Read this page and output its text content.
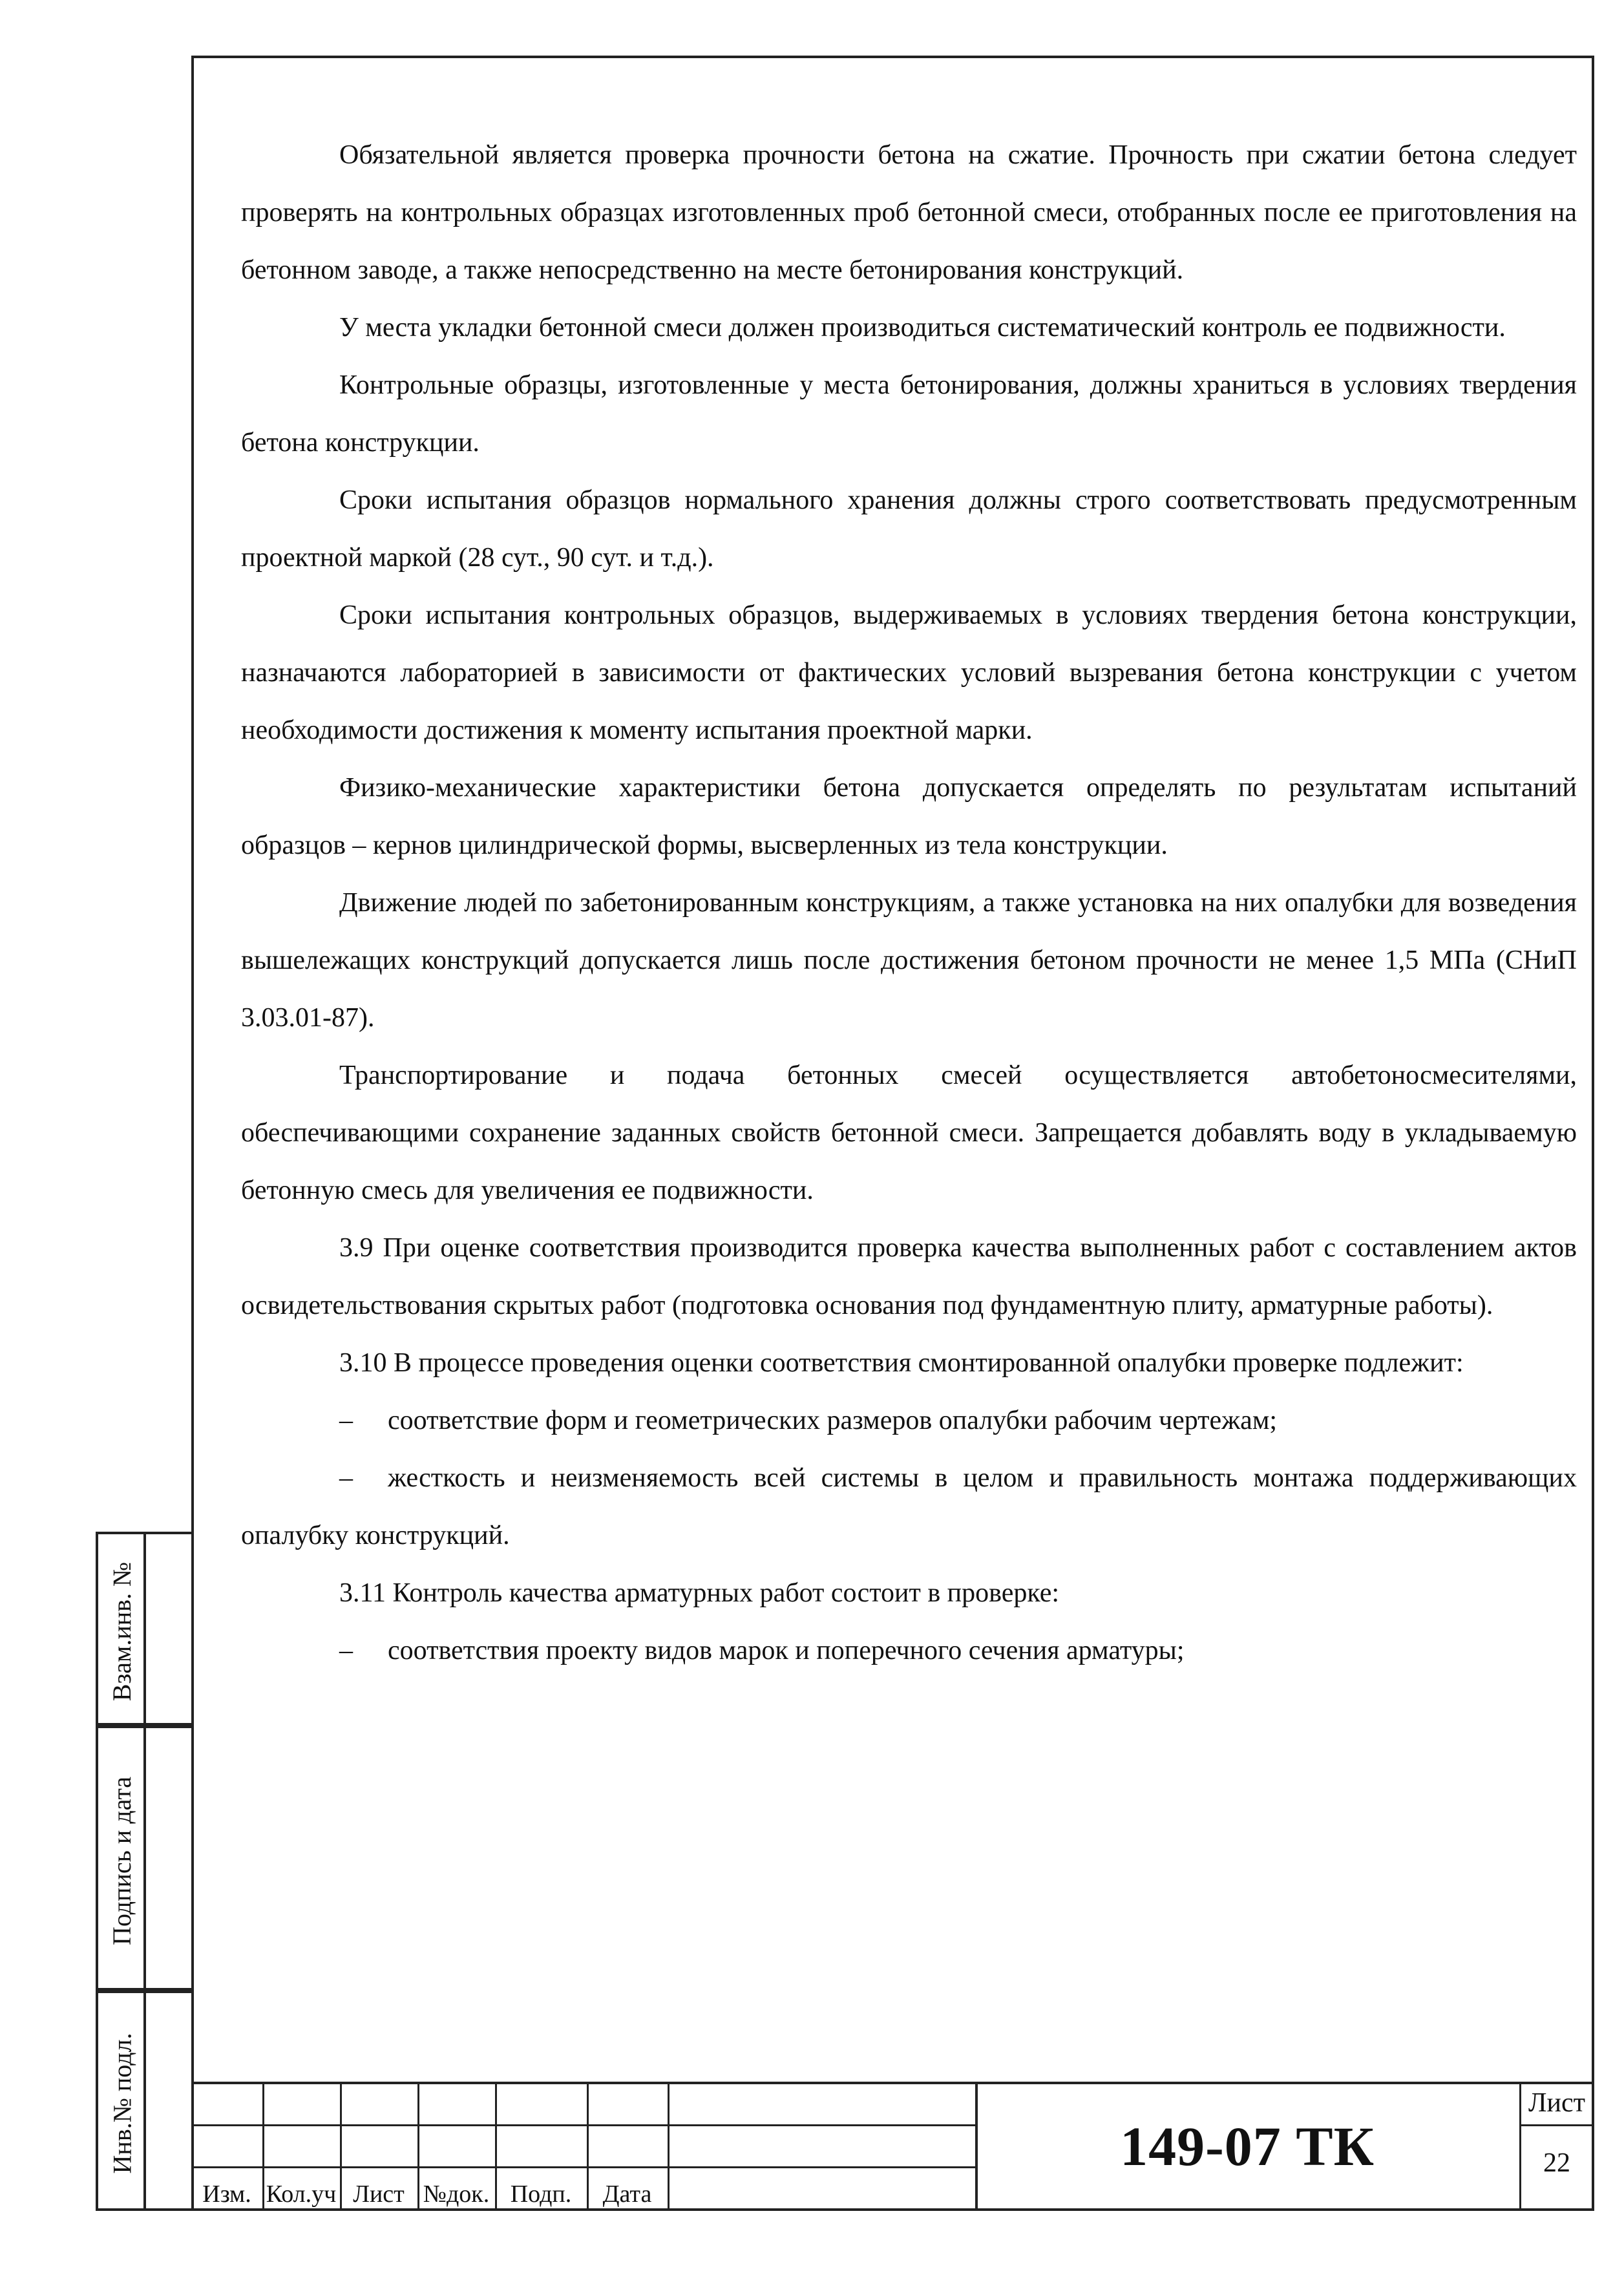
Обязательной является проверка прочности бетона на сжатие. Прочность при сжатии бетона следует проверять на контрольных образцах изготовленных проб бетонной смеси, отобранных после ее приготовления на бетонном заводе, а также непосредственно на месте бетонирования конструкций.

У места укладки бетонной смеси должен производиться систематический контроль ее подвижности.

Контрольные образцы, изготовленные у места бетонирования, должны храниться в условиях твердения бетона конструкции.

Сроки испытания образцов нормального хранения должны строго соответствовать предусмотренным проектной маркой (28 сут., 90 сут. и т.д.).

Сроки испытания контрольных образцов, выдерживаемых в условиях твердения бетона конструкции, назначаются лабораторией в зависимости от фактических условий вызревания бетона конструкции с учетом необходимости достижения к моменту испытания проектной марки.

Физико-механические характеристики бетона допускается определять по результатам испытаний образцов – кернов цилиндрической формы, высверленных из тела конструкции.

Движение людей по забетонированным конструкциям, а также установка на них опалубки для возведения вышележащих конструкций допускается лишь после достижения бетоном прочности не менее 1,5 МПа (СНиП 3.03.01-87).

Транспортирование и подача бетонных смесей осуществляется автобетоносмесителями, обеспечивающими сохранение заданных свойств бетонной смеси. Запрещается добавлять воду в укладываемую бетонную смесь для увеличения ее подвижности.

3.9 При оценке соответствия производится проверка качества выполненных работ с составлением актов освидетельствования скрытых работ (подготовка основания под фундаментную плиту, арматурные работы).

3.10 В процессе проведения оценки соответствия смонтированной опалубки проверке подлежит:

– соответствие форм и геометрических размеров опалубки рабочим чертежам;

– жесткость и неизменяемость всей системы в целом и правильность монтажа поддерживающих опалубку конструкций.

3.11 Контроль качества арматурных работ состоит в проверке:

– соответствия проекту видов марок и поперечного сечения арматуры;

Взам.инв. №
Подпись и дата
Инв.№ подл.
Изм. Кол.уч Лист №док. Подп.	Дата
149-07 ТК
Лист
22
